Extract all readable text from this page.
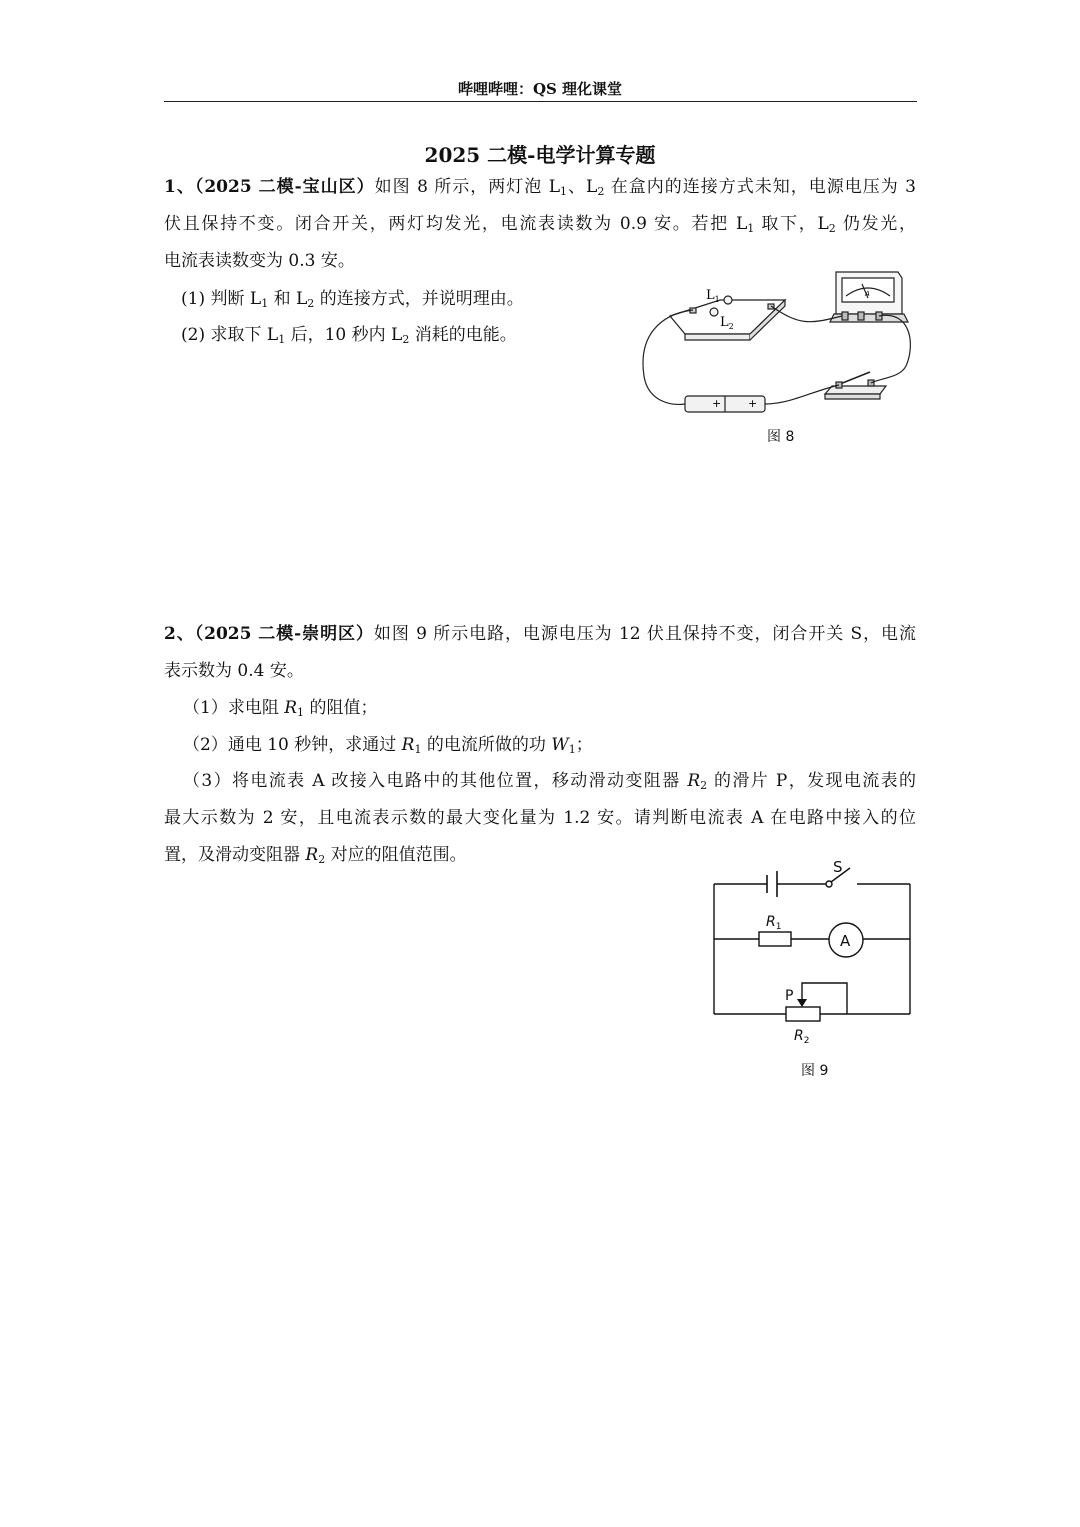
哔哩哔哩：QS 理化课堂
2025 二模-电学计算专题
1、（2025 二模-宝山区）如图 8 所示，两灯泡 $L_1$、$L_2$ 在盒内的连接方式未知，电源电压为 3
伏且保持不变。闭合开关，两灯均发光，电流表读数为 0.9 安。若把 $L_1$ 取下，$L_2$ 仍发光，
电流表读数变为 0.3 安。
(1) 判断 $L_1$ 和 $L_2$ 的连接方式，并说明理由。
(2) 求取下 $L_1$ 后，10 秒内 $L_2$ 消耗的电能。
$L_1$
$L_2$
A
+ +
图 8
2、（2025 二模-崇明区）如图 9 所示电路，电源电压为 12 伏且保持不变，闭合开关 S，电流
表示数为 0.4 安。
（1）求电阻 $R_1$ 的阻值；
（2）通电 10 秒钟，求通过 $R_1$ 的电流所做的功 $W_1$；
（3）将电流表 A 改接入电路中的其他位置，移动滑动变阻器 $R_2$ 的滑片 P，发现电流表的
最大示数为 2 安，且电流表示数的最大变化量为 1.2 安。请判断电流表 A 在电路中接入的位
置，及滑动变阻器 $R_2$ 对应的阻值范围。
S
$R_1$
A
P
$R_2$
图 9
